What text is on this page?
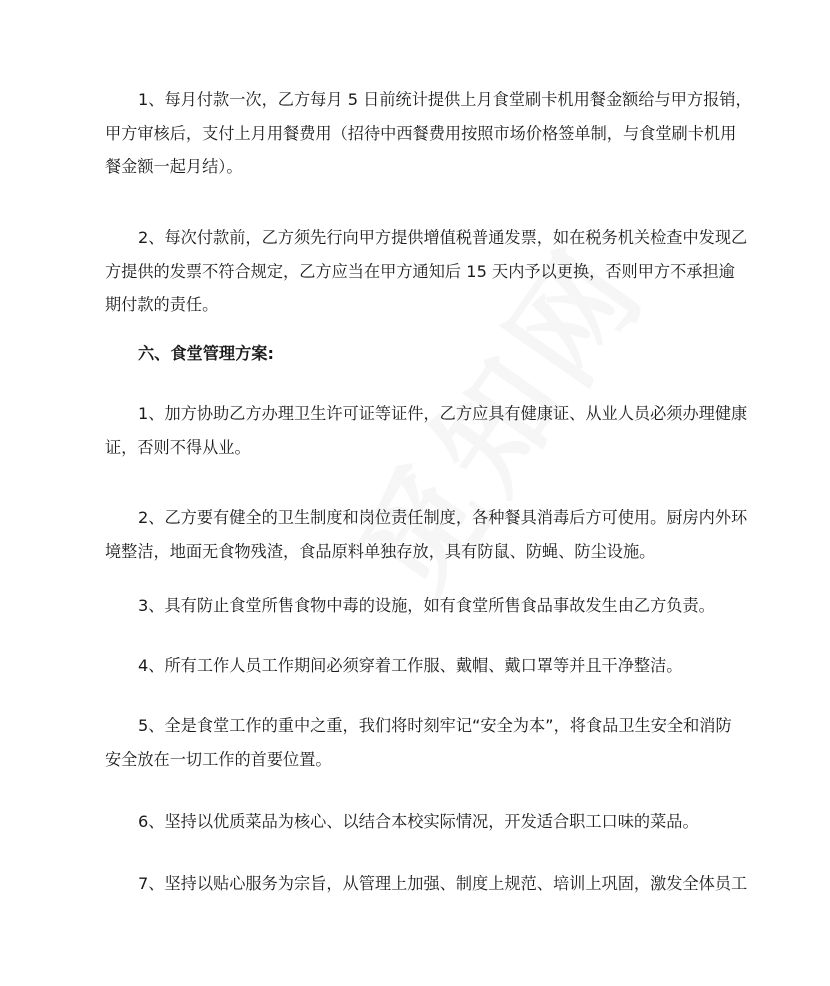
1、每月付款一次，乙方每月 5 日前统计提供上月食堂刷卡机用餐金额给与甲方报销，
甲方审核后，支付上月用餐费用（招待中西餐费用按照市场价格签单制，与食堂刷卡机用
餐金额一起月结）。
2、每次付款前，乙方须先行向甲方提供增值税普通发票，如在税务机关检查中发现乙
方提供的发票不符合规定，乙方应当在甲方通知后 15 天内予以更换，否则甲方不承担逾
期付款的责任。
六、食堂管理方案:
1、加方协助乙方办理卫生许可证等证件，乙方应具有健康证、从业人员必须办理健康
证，否则不得从业。
2、乙方要有健全的卫生制度和岗位责任制度，各种餐具消毒后方可使用。厨房内外环
境整洁，地面无食物残渣，食品原料单独存放，具有防鼠、防蝇、防尘设施。
3、具有防止食堂所售食物中毒的设施，如有食堂所售食品事故发生由乙方负责。
4、所有工作人员工作期间必须穿着工作服、戴帽、戴口罩等并且干净整洁。
5、全是食堂工作的重中之重，我们将时刻牢记“安全为本”，将食品卫生安全和消防
安全放在一切工作的首要位置。
6、坚持以优质菜品为核心、以结合本校实际情况，开发适合职工口味的菜品。
7、坚持以贴心服务为宗旨，从管理上加强、制度上规范、培训上巩固，激发全体员工
